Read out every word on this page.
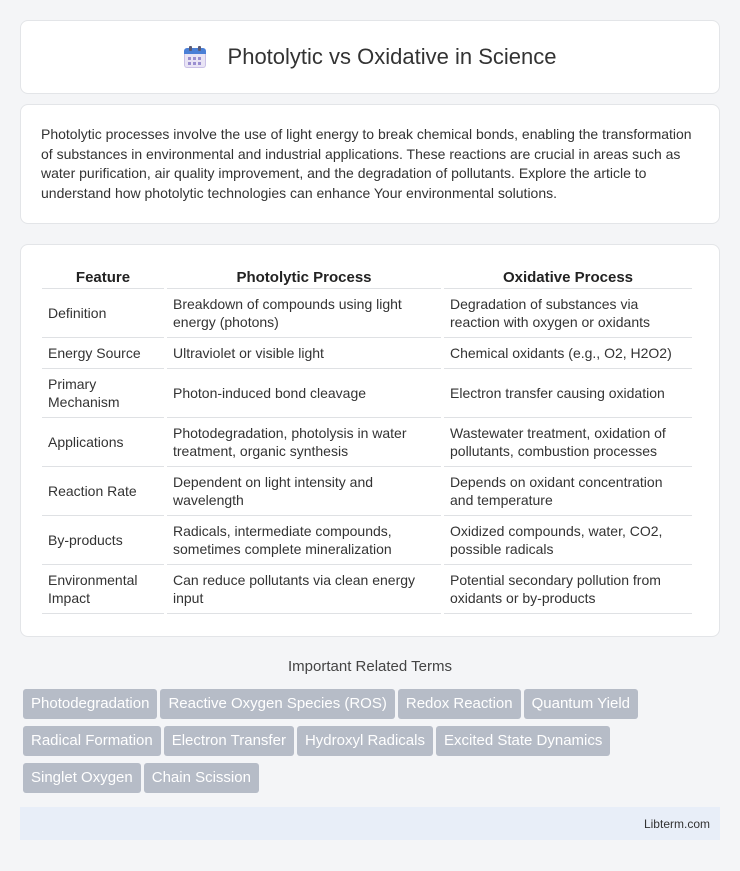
Photolytic vs Oxidative in Science

Photolytic processes involve the use of light energy to break chemical bonds, enabling the transformation of substances in environmental and industrial applications. These reactions are crucial in areas such as water purification, air quality improvement, and the degradation of pollutants. Explore the article to understand how photolytic technologies can enhance Your environmental solutions.

Feature	Photolytic Process	Oxidative Process
Definition	Breakdown of compounds using light energy (photons)	Degradation of substances via reaction with oxygen or oxidants
Energy Source	Ultraviolet or visible light	Chemical oxidants (e.g., O2, H2O2)
Primary Mechanism	Photon-induced bond cleavage	Electron transfer causing oxidation
Applications	Photodegradation, photolysis in water treatment, organic synthesis	Wastewater treatment, oxidation of pollutants, combustion processes
Reaction Rate	Dependent on light intensity and wavelength	Depends on oxidant concentration and temperature
By-products	Radicals, intermediate compounds, sometimes complete mineralization	Oxidized compounds, water, CO2, possible radicals
Environmental Impact	Can reduce pollutants via clean energy input	Potential secondary pollution from oxidants or by-products
Important Related Terms
Photodegradation Reactive Oxygen Species (ROS) Redox Reaction Quantum Yield
Radical Formation Electron Transfer Hydroxyl Radicals Excited State Dynamics
Singlet Oxygen Chain Scission
Libterm.com
